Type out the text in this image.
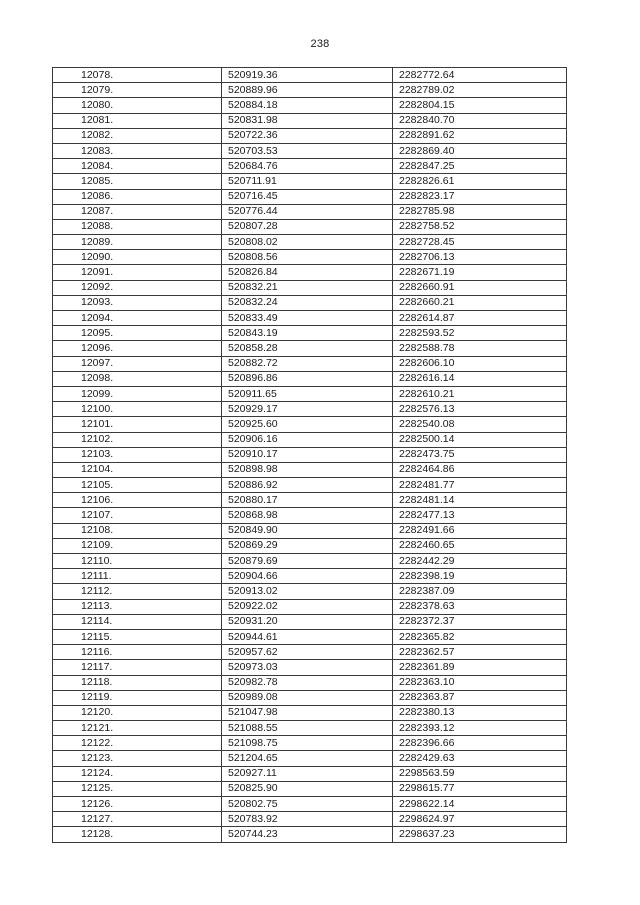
238
12078.	520919.36	2282772.64
12079.	520889.96	2282789.02
12080.	520884.18	2282804.15
12081.	520831.98	2282840.70
12082.	520722.36	2282891.62
12083.	520703.53	2282869.40
12084.	520684.76	2282847.25
12085.	520711.91	2282826.61
12086.	520716.45	2282823.17
12087.	520776.44	2282785.98
12088.	520807.28	2282758.52
12089.	520808.02	2282728.45
12090.	520808.56	2282706.13
12091.	520826.84	2282671.19
12092.	520832.21	2282660.91
12093.	520832.24	2282660.21
12094.	520833.49	2282614.87
12095.	520843.19	2282593.52
12096.	520858.28	2282588.78
12097.	520882.72	2282606.10
12098.	520896.86	2282616.14
12099.	520911.65	2282610.21
12100.	520929.17	2282576.13
12101.	520925.60	2282540.08
12102.	520906.16	2282500.14
12103.	520910.17	2282473.75
12104.	520898.98	2282464.86
12105.	520886.92	2282481.77
12106.	520880.17	2282481.14
12107.	520868.98	2282477.13
12108.	520849.90	2282491.66
12109.	520869.29	2282460.65
12110.	520879.69	2282442.29
12111.	520904.66	2282398.19
12112.	520913.02	2282387.09
12113.	520922.02	2282378.63
12114.	520931.20	2282372.37
12115.	520944.61	2282365.82
12116.	520957.62	2282362.57
12117.	520973.03	2282361.89
12118.	520982.78	2282363.10
12119.	520989.08	2282363.87
12120.	521047.98	2282380.13
12121.	521088.55	2282393.12
12122.	521098.75	2282396.66
12123.	521204.65	2282429.63
12124.	520927.11	2298563.59
12125.	520825.90	2298615.77
12126.	520802.75	2298622.14
12127.	520783.92	2298624.97
12128.	520744.23	2298637.23
